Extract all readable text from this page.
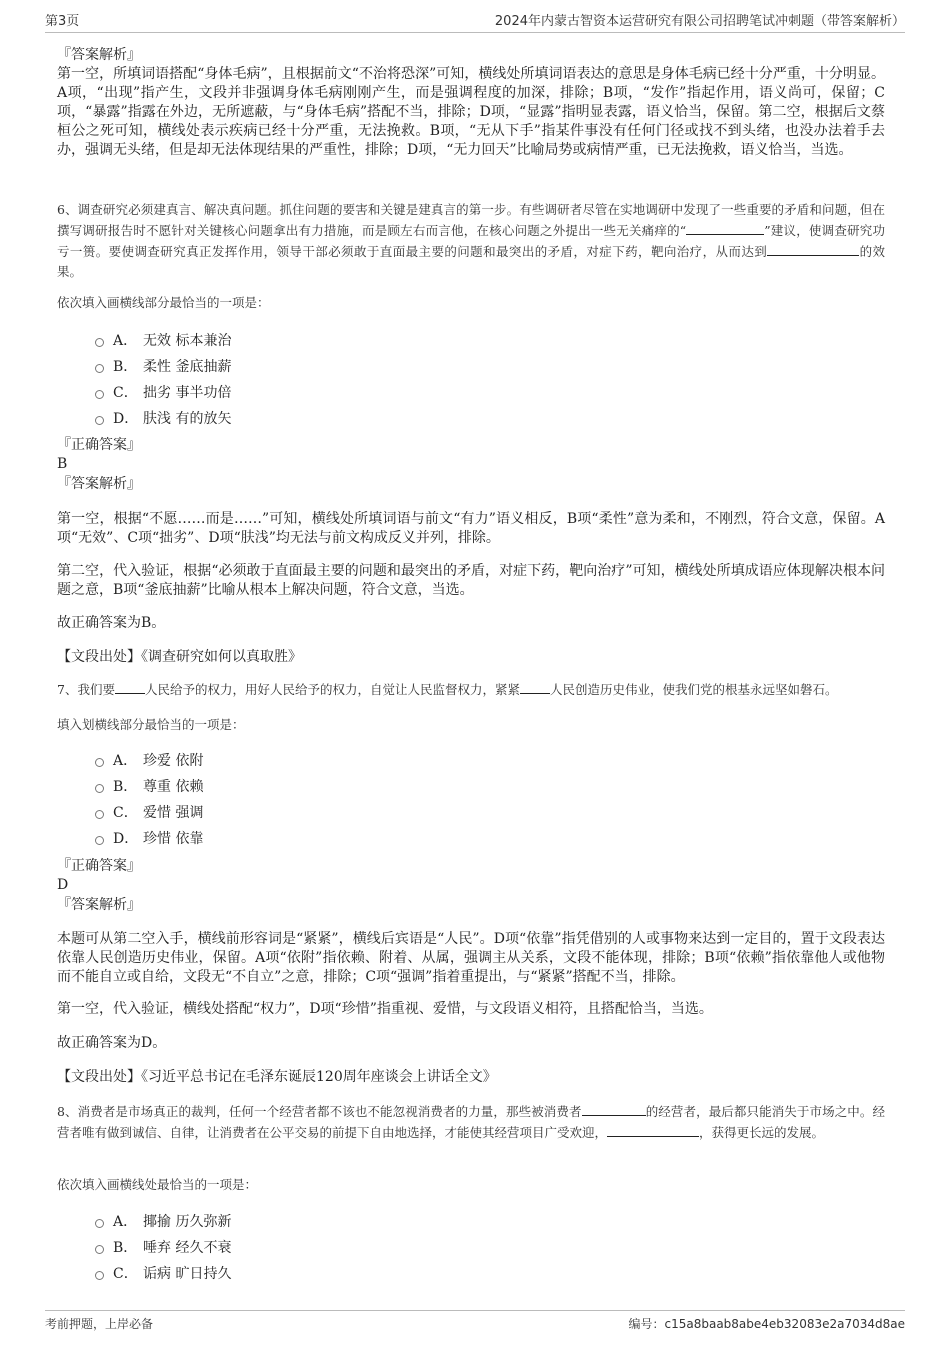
第3页	2024年内蒙古智资本运营研究有限公司招聘笔试冲刺题（带答案解析）
『答案解析』
第一空，所填词语搭配“身体毛病”，且根据前文“不治将恐深”可知，横线处所填词语表达的意思是身体毛病已经十分严重，十分明显。A项，“出现”指产生，文段并非强调身体毛病刚刚产生，而是强调程度的加深，排除；B项，“发作”指起作用，语义尚可，保留；C项，“暴露”指露在外边，无所遮蔽，与“身体毛病”搭配不当，排除；D项，“显露”指明显表露，语义恰当，保留。第二空，根据后文蔡桓公之死可知，横线处表示疾病已经十分严重，无法挽救。B项，“无从下手”指某件事没有任何门径或找不到头绪，也没办法着手去办，强调无头绪，但是却无法体现结果的严重性，排除；D项，“无力回天”比喻局势或病情严重，已无法挽救，语义恰当，当选。
6、调查研究必须建真言、解决真问题。抓住问题的要害和关键是建真言的第一步。有些调研者尽管在实地调研中发现了一些重要的矛盾和问题，但在撰写调研报告时不愿针对关键核心问题拿出有力措施，而是顾左右而言他，在核心问题之外提出一些无关痛痒的“	”建议，使调查研究功亏一篑。要使调查研究真正发挥作用，领导干部必须敢于直面最主要的问题和最突出的矛盾，对症下药，靶向治疗，从而达到	的效果。
依次填入画横线部分最恰当的一项是：
A． 无效 标本兼治
B． 柔性 釜底抽薪
C． 拙劣 事半功倍
D． 肤浅 有的放矢
『正确答案』
B
『答案解析』
第一空，根据“不愿……而是……”可知，横线处所填词语与前文“有力”语义相反，B项“柔性”意为柔和，不刚烈，符合文意，保留。A项“无效”、C项“拙劣”、D项“肤浅”均无法与前文构成反义并列，排除。
第二空，代入验证，根据“必须敢于直面最主要的问题和最突出的矛盾，对症下药，靶向治疗”可知，横线处所填成语应体现解决根本问题之意，B项“釜底抽薪”比喻从根本上解决问题，符合文意，当选。
故正确答案为B。
【文段出处】《调查研究如何以真取胜》
7、我们要 人民给予的权力，用好人民给予的权力，自觉让人民监督权力，紧紧 人民创造历史伟业，使我们党的根基永远坚如磐石。
填入划横线部分最恰当的一项是：
A． 珍爱 依附
B． 尊重 依赖
C． 爱惜 强调
D． 珍惜 依靠
『正确答案』
D
『答案解析』
本题可从第二空入手，横线前形容词是“紧紧”，横线后宾语是“人民”。D项“依靠”指凭借别的人或事物来达到一定目的，置于文段表达依靠人民创造历史伟业，保留。A项“依附”指依赖、附着、从属，强调主从关系，文段不能体现，排除；B项“依赖”指依靠他人或他物而不能自立或自给，文段无“不自立”之意，排除；C项“强调”指着重提出，与“紧紧”搭配不当，排除。
第一空，代入验证，横线处搭配“权力”，D项“珍惜”指重视、爱惜，与文段语义相符，且搭配恰当，当选。
故正确答案为D。
【文段出处】《习近平总书记在毛泽东诞辰120周年座谈会上讲话全文》
8、消费者是市场真正的裁判，任何一个经营者都不该也不能忽视消费者的力量，那些被消费者	的经营者，最后都只能消失于市场之中。经营者唯有做到诚信、自律，让消费者在公平交易的前提下自由地选择，才能使其经营项目广受欢迎，	，获得更长远的发展。
依次填入画横线处最恰当的一项是：
A． 揶揄 历久弥新
B． 唾弃 经久不衰
C． 诟病 旷日持久
考前押题，上岸必备	编号：c15a8baab8abe4eb32083e2a7034d8ae
